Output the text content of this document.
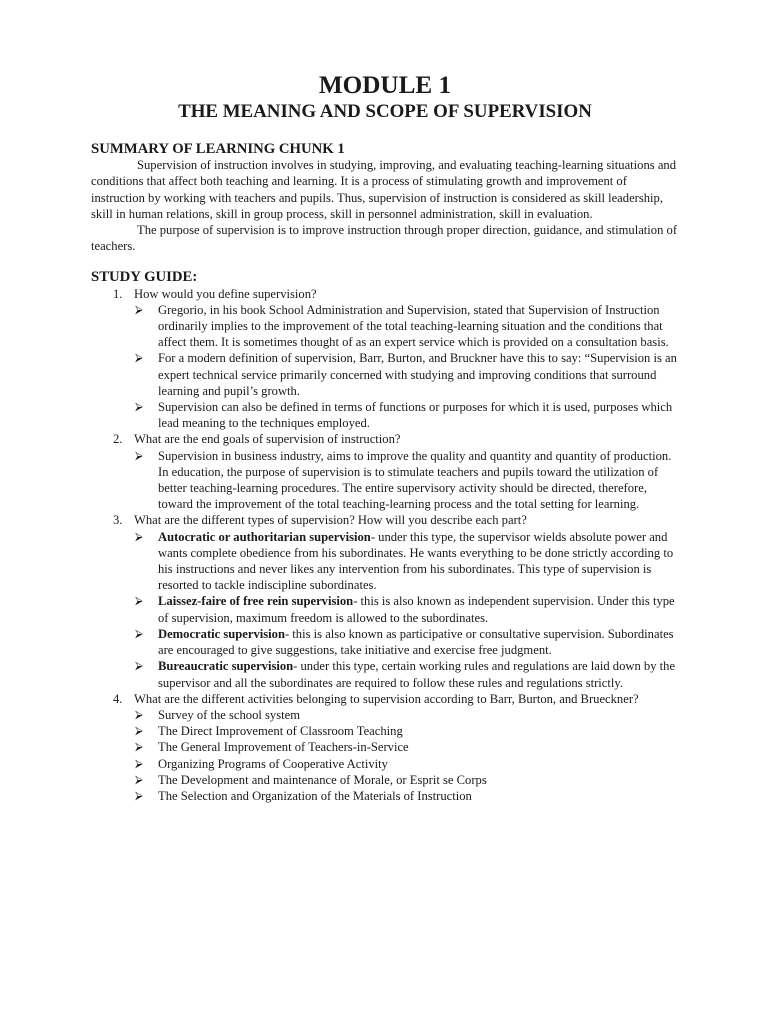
MODULE 1
THE MEANING AND SCOPE OF SUPERVISION
SUMMARY OF LEARNING CHUNK 1

Supervision of instruction involves in studying, improving, and evaluating teaching-learning situations and conditions that affect both teaching and learning. It is a process of stimulating growth and improvement of instruction by working with teachers and pupils. Thus, supervision of instruction is considered as skill leadership, skill in human relations, skill in group process, skill in personnel administration, skill in evaluation.

The purpose of supervision is to improve instruction through proper direction, guidance, and stimulation of teachers.

STUDY GUIDE:
1. How would you define supervision?
⮚ Gregorio, in his book School Administration and Supervision, stated that Supervision of Instruction ordinarily implies to the improvement of the total teaching-learning situation and the conditions that affect them. It is sometimes thought of as an expert service which is provided on a consultation basis.
⮚ For a modern definition of supervision, Barr, Burton, and Bruckner have this to say: “Supervision is an expert technical service primarily concerned with studying and improving conditions that surround learning and pupil’s growth.
⮚ Supervision can also be defined in terms of functions or purposes for which it is used, purposes which lead meaning to the techniques employed.
2. What are the end goals of supervision of instruction?
⮚ Supervision in business industry, aims to improve the quality and quantity and quantity of production. In education, the purpose of supervision is to stimulate teachers and pupils toward the utilization of better teaching-learning procedures. The entire supervisory activity should be directed, therefore, toward the improvement of the total teaching-learning process and the total setting for learning.
3. What are the different types of supervision? How will you describe each part?
⮚ Autocratic or authoritarian supervision- under this type, the supervisor wields absolute power and wants complete obedience from his subordinates. He wants everything to be done strictly according to his instructions and never likes any intervention from his subordinates. This type of supervision is resorted to tackle indiscipline subordinates.
⮚ Laissez-faire of free rein supervision- this is also known as independent supervision. Under this type of supervision, maximum freedom is allowed to the subordinates.
⮚ Democratic supervision- this is also known as participative or consultative supervision. Subordinates are encouraged to give suggestions, take initiative and exercise free judgment.
⮚ Bureaucratic supervision- under this type, certain working rules and regulations are laid down by the supervisor and all the subordinates are required to follow these rules and regulations strictly.
4. What are the different activities belonging to supervision according to Barr, Burton, and Brueckner?
⮚ Survey of the school system
⮚ The Direct Improvement of Classroom Teaching
⮚ The General Improvement of Teachers-in-Service
⮚ Organizing Programs of Cooperative Activity
⮚ The Development and maintenance of Morale, or Esprit se Corps
⮚ The Selection and Organization of the Materials of Instruction
